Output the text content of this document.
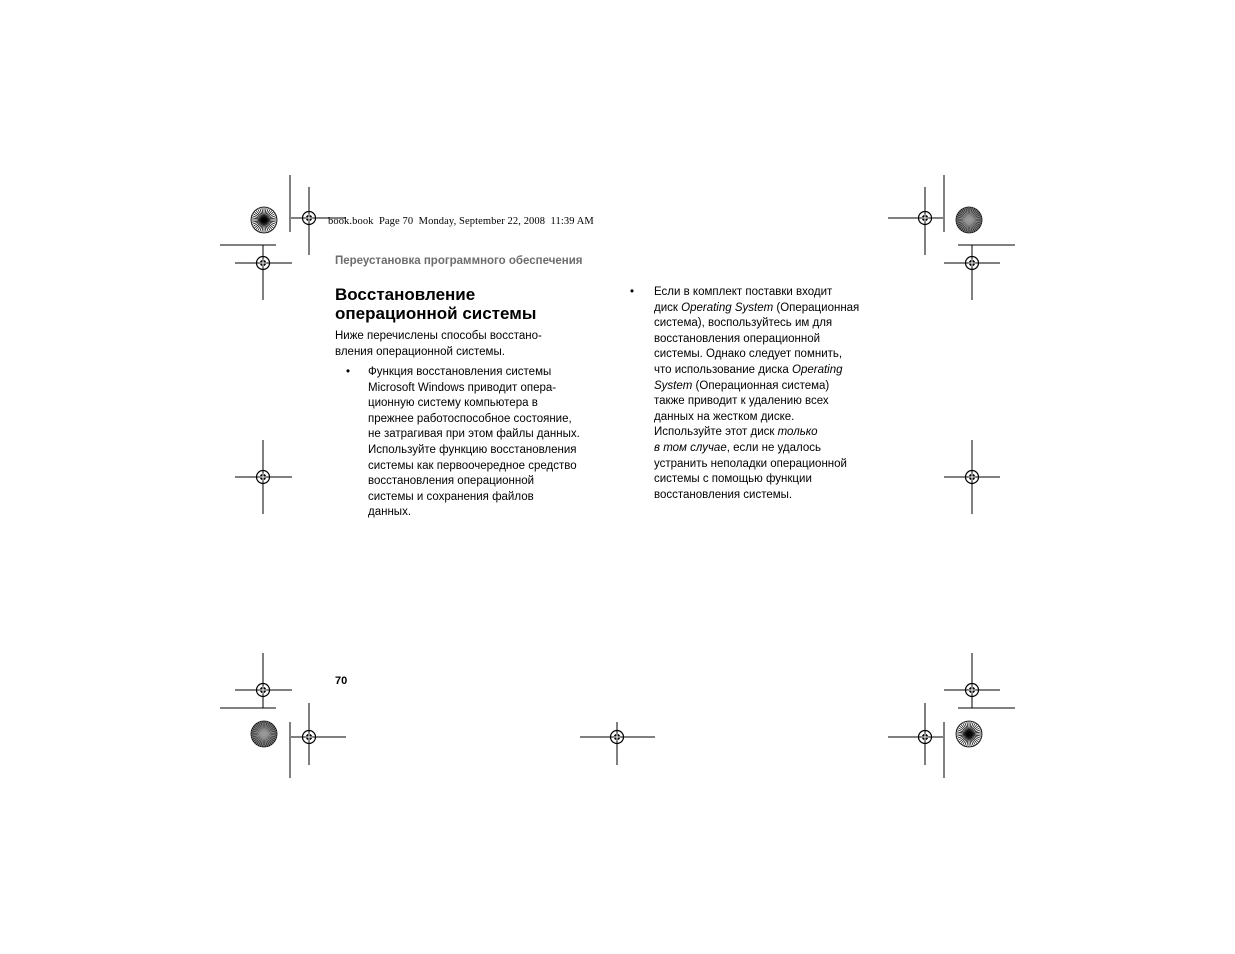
book.book  Page 70  Monday, September 22, 2008  11:39 AM
Переустановка программного обеспечения
Восстановление
операционной системы

Ниже перечислены способы восстано-
вления операционной системы.

• Функция восстановления системы
Microsoft Windows приводит опера-
ционную систему компьютера в
прежнее работоспособное состояние,
не затрагивая при этом файлы данных.
Используйте функцию восстановления
системы как первоочередное средство
восстановления операционной
системы и сохранения файлов
данных.
• Если в комплект поставки входит
диск Operating System (Операционная
система), воспользуйтесь им для
восстановления операционной
системы. Однако следует помнить,
что использование диска Operating
System (Операционная система)
также приводит к удалению всех
данных на жестком диске.
Используйте этот диск только
в том случае, если не удалось
устранить неполадки операционной
системы с помощью функции
восстановления системы.
70
